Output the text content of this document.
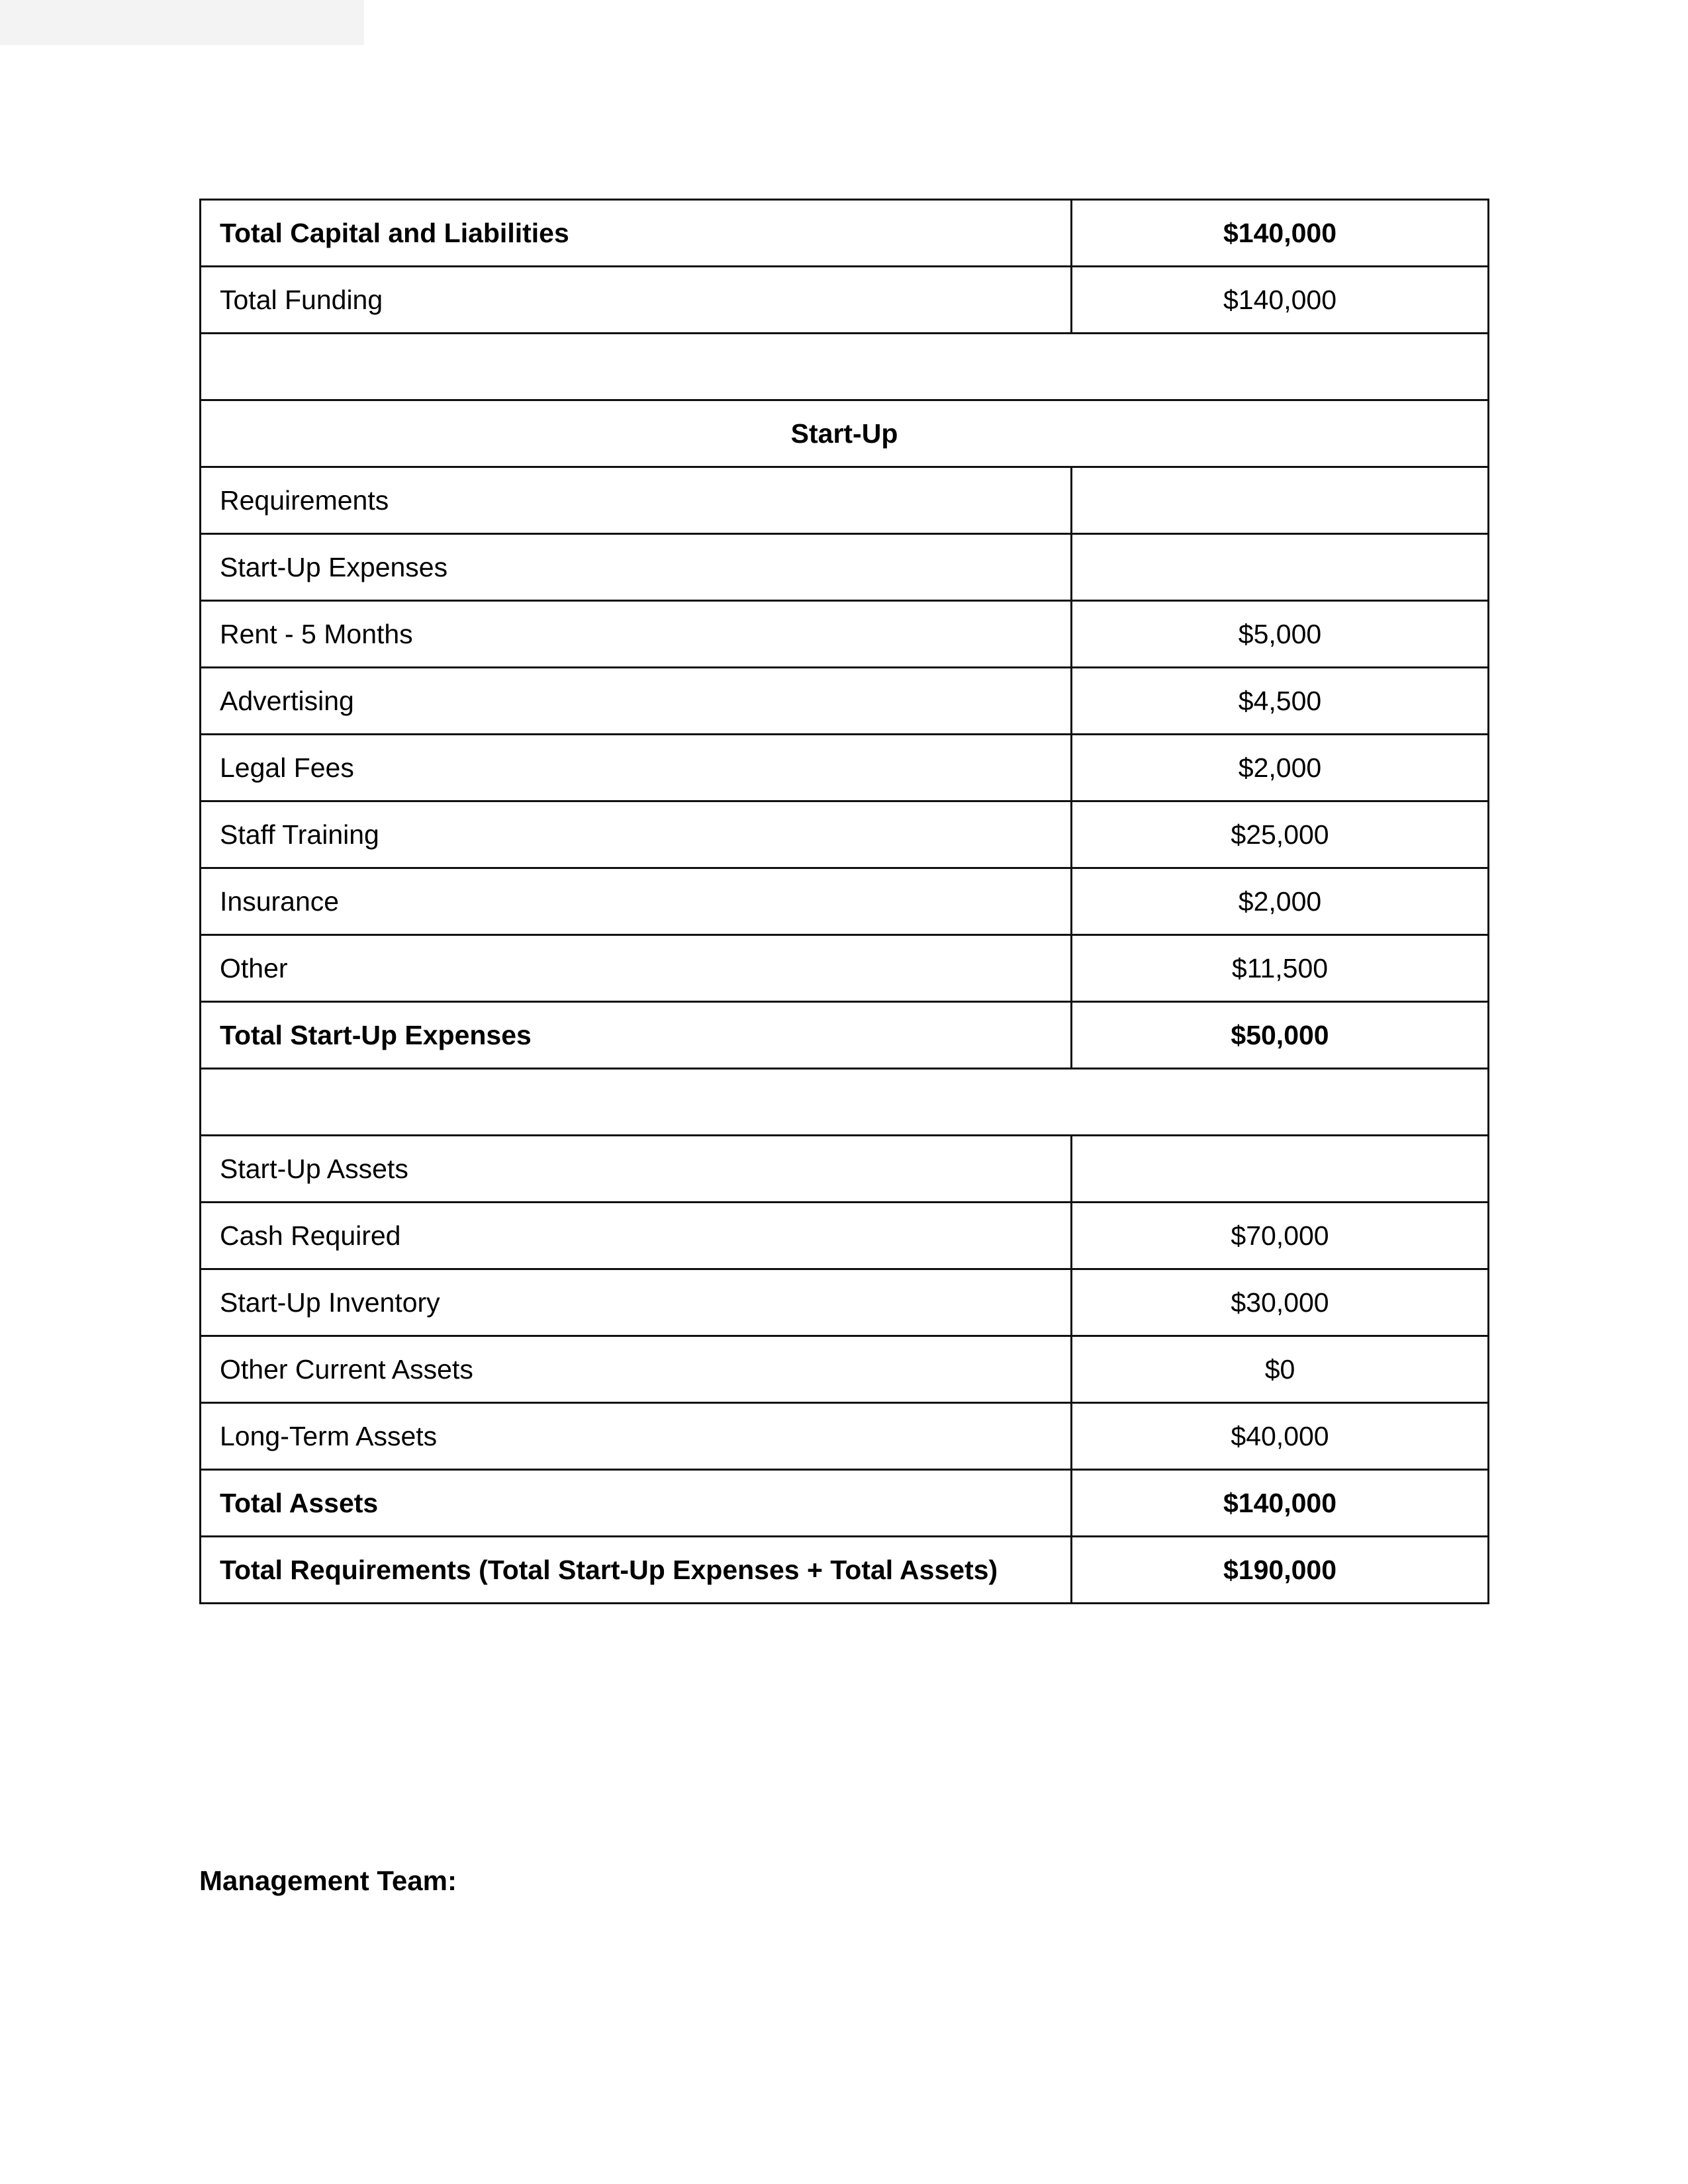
Total Capital and Liabilities	$140,000
Total Funding	$140,000

Start-Up	
Requirements	
Start-Up Expenses	
Rent - 5 Months	$5,000
Advertising	$4,500
Legal Fees	$2,000
Staff Training	$25,000
Insurance	$2,000
Other	$11,500
Total Start-Up Expenses	$50,000

Start-Up Assets	
Cash Required	$70,000
Start-Up Inventory	$30,000
Other Current Assets	$0
Long-Term Assets	$40,000
Total Assets	$140,000
Total Requirements (Total Start-Up Expenses + Total Assets)	$190,000
Management Team:
